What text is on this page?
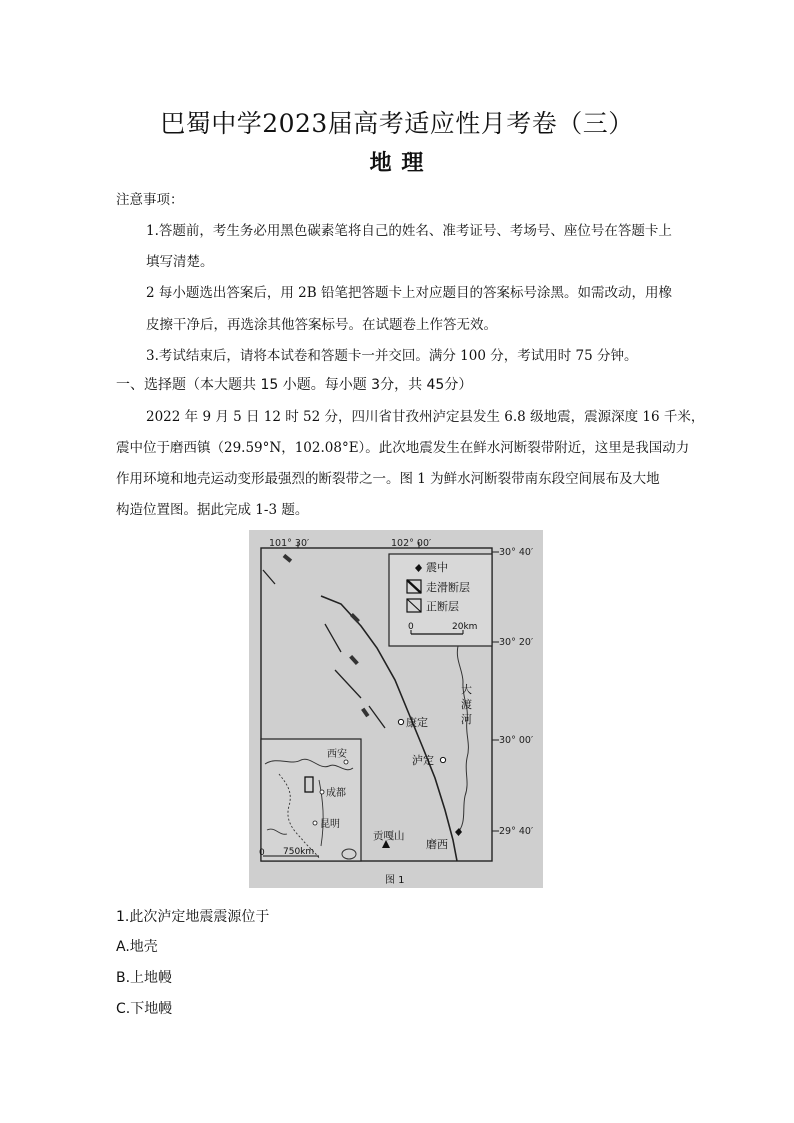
巴蜀中学2023届高考适应性月考卷（三）
地 理
注意事项：
1.答题前，考生务必用黑色碳素笔将自己的姓名、准考证号、考场号、座位号在答题卡上
填写清楚。
2 每小题选出答案后，用 2B 铅笔把答题卡上对应题目的答案标号涂黑。如需改动，用橡
皮擦干净后，再选涂其他答案标号。在试题卷上作答无效。
3.考试结束后，请将本试卷和答题卡一并交回。满分 100 分，考试用时 75 分钟。
一、选择题（本大题共 15 小题。每小题 3分，共 45分）
2022 年 9 月 5 日 12 时 52 分，四川省甘孜州泸定县发生 6.8 级地震，震源深度 16 千米，
震中位于磨西镇（29.59°N，102.08°E）。此次地震发生在鲜水河断裂带附近，这里是我国动力
作用环境和地壳运动变形最强烈的断裂带之一。图 1 为鲜水河断裂带南东段空间展布及大地
构造位置图。据此完成 1-3 题。
101° 30′	102° 00′
30° 40′
30° 20′
30° 00′
29° 40′
震中
走滑断层
正断层
0	20km
大
渡
河
康定
泸定
磨西
贡嘎山
西安
成都
昆明
0 750km
图 1
1.此次泸定地震震源位于
A.地壳
B.上地幔
C.下地幔
